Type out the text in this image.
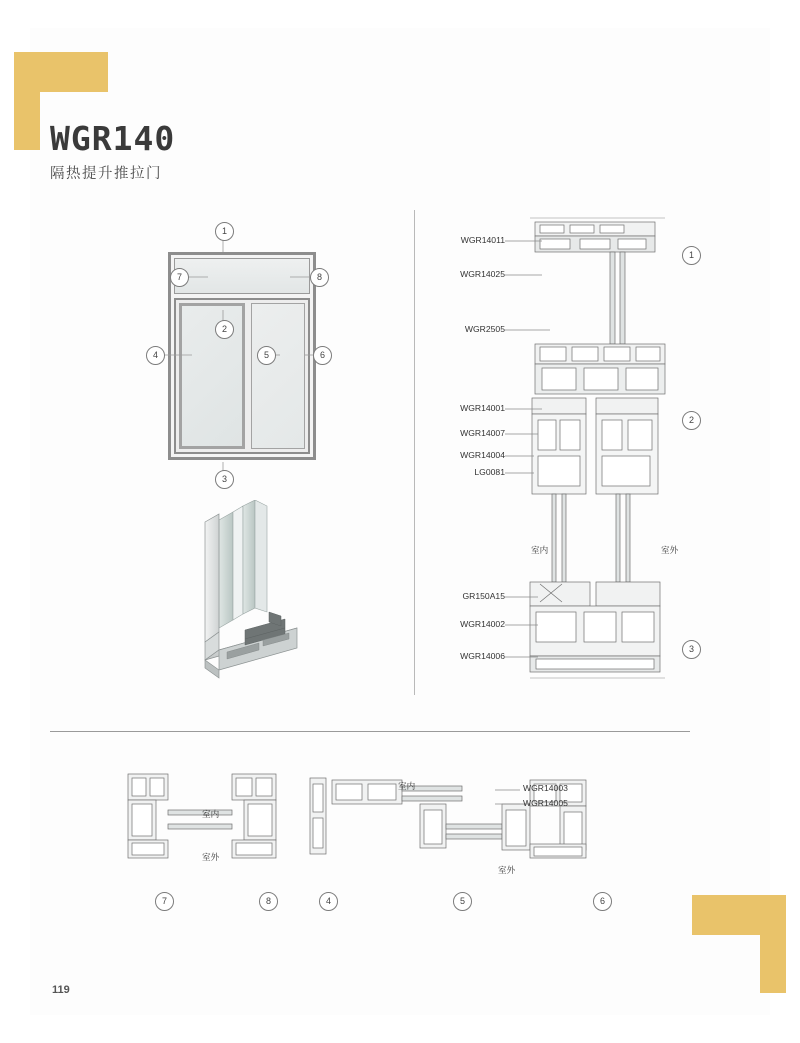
WGR140
隔热提升推拉门
1
7	8
2
4	5	6
3
WGR14011
WGR14025
WGR2505
WGR14001
WGR14007
WGR14004
LG0081
GR150A15
WGR14002
WGR14006
室内	室外
1
2
3
WGR14003
WGR14005
室内
室外
室内
室外
7	8	4	5	6
119
